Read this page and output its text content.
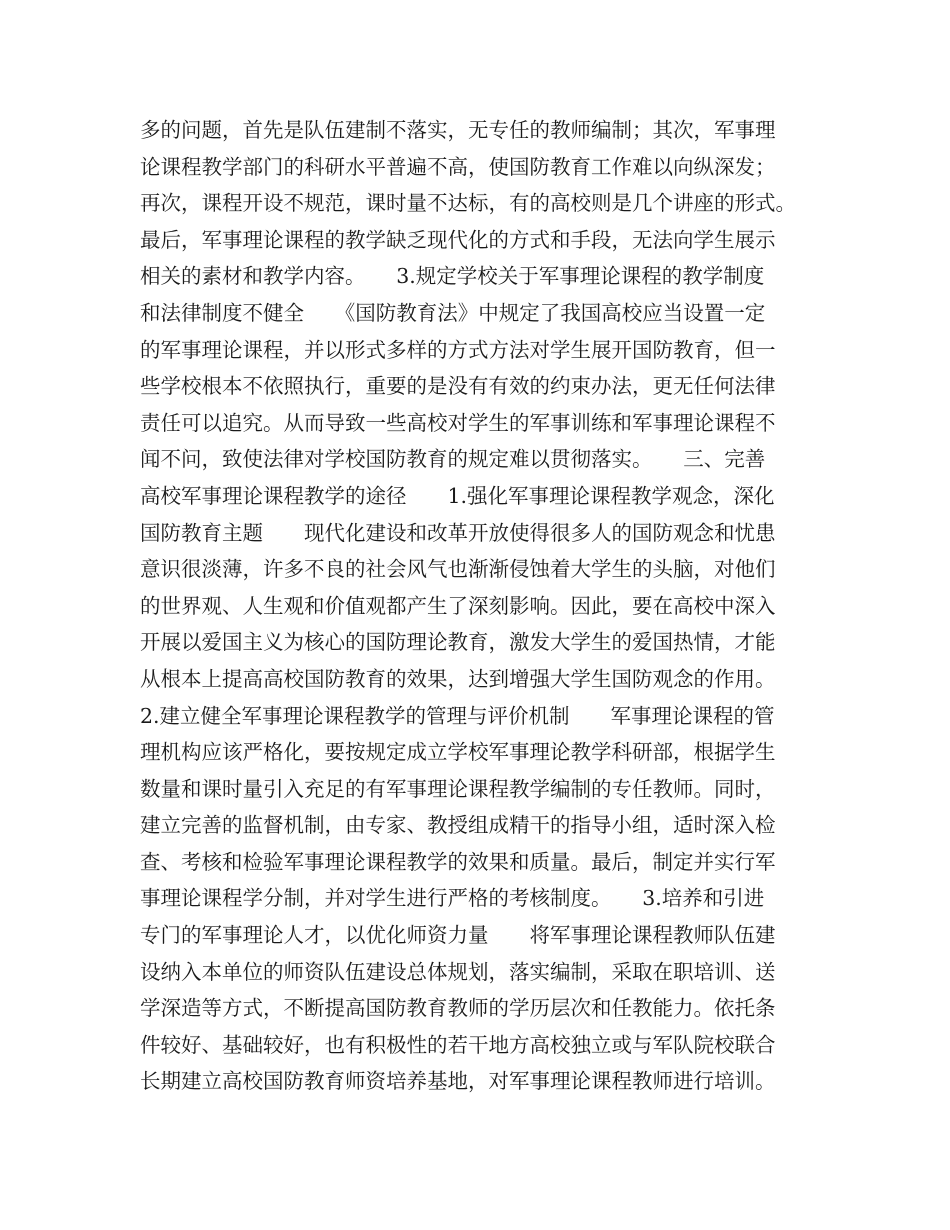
多的问题，首先是队伍建制不落实，无专任的教师编制；其次，军事理
论课程教学部门的科研水平普遍不高，使国防教育工作难以向纵深发；
再次，课程开设不规范，课时量不达标，有的高校则是几个讲座的形式。
最后，军事理论课程的教学缺乏现代化的方式和手段，无法向学生展示
相关的素材和教学内容。　　3.规定学校关于军事理论课程的教学制度
和法律制度不健全　　《国防教育法》中规定了我国高校应当设置一定
的军事理论课程，并以形式多样的方式方法对学生展开国防教育，但一
些学校根本不依照执行，重要的是没有有效的约束办法，更无任何法律
责任可以追究。从而导致一些高校对学生的军事训练和军事理论课程不
闻不问，致使法律对学校国防教育的规定难以贯彻落实。　　三、完善
高校军事理论课程教学的途径　　1.强化军事理论课程教学观念，深化
国防教育主题　　现代化建设和改革开放使得很多人的国防观念和忧患
意识很淡薄，许多不良的社会风气也渐渐侵蚀着大学生的头脑，对他们
的世界观、人生观和价值观都产生了深刻影响。因此，要在高校中深入
开展以爱国主义为核心的国防理论教育，激发大学生的爱国热情，才能
从根本上提高高校国防教育的效果，达到增强大学生国防观念的作用。
2.建立健全军事理论课程教学的管理与评价机制　　军事理论课程的管
理机构应该严格化，要按规定成立学校军事理论教学科研部，根据学生
数量和课时量引入充足的有军事理论课程教学编制的专任教师。同时，
建立完善的监督机制，由专家、教授组成精干的指导小组，适时深入检
查、考核和检验军事理论课程教学的效果和质量。最后，制定并实行军
事理论课程学分制，并对学生进行严格的考核制度。　　3.培养和引进
专门的军事理论人才，以优化师资力量　　将军事理论课程教师队伍建
设纳入本单位的师资队伍建设总体规划，落实编制，采取在职培训、送
学深造等方式，不断提高国防教育教师的学历层次和任教能力。依托条
件较好、基础较好，也有积极性的若干地方高校独立或与军队院校联合
长期建立高校国防教育师资培养基地，对军事理论课程教师进行培训。
